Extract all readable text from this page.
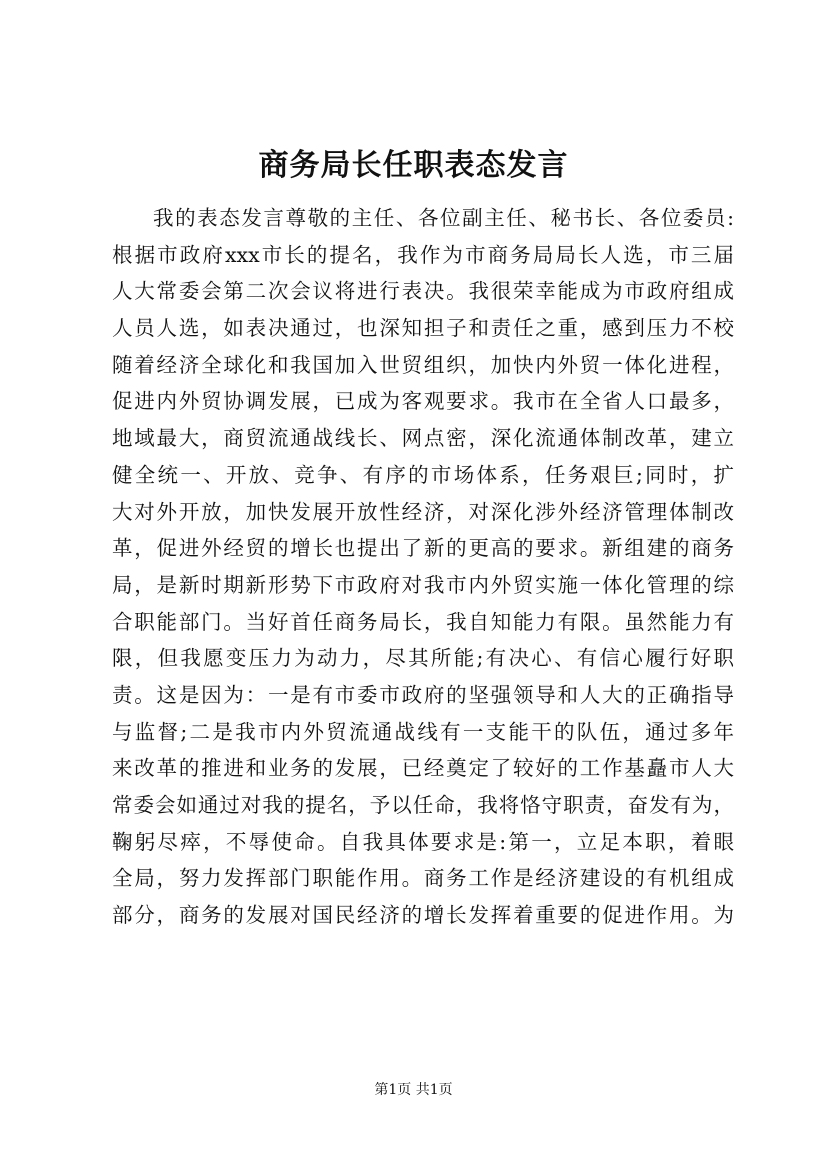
商务局长任职表态发言
我的表态发言尊敬的主任、各位副主任、秘书长、各位委员:
根据市政府xxx市长的提名，我作为市商务局局长人选，市三届
人大常委会第二次会议将进行表决。我很荣幸能成为市政府组成
人员人选，如表决通过，也深知担子和责任之重，感到压力不校
随着经济全球化和我国加入世贸组织，加快内外贸一体化进程，
促进内外贸协调发展，已成为客观要求。我市在全省人口最多，
地域最大，商贸流通战线长、网点密，深化流通体制改革，建立
健全统一、开放、竞争、有序的市场体系，任务艰巨;同时，扩
大对外开放，加快发展开放性经济，对深化涉外经济管理体制改
革，促进外经贸的增长也提出了新的更高的要求。新组建的商务
局，是新时期新形势下市政府对我市内外贸实施一体化管理的综
合职能部门。当好首任商务局长，我自知能力有限。虽然能力有
限，但我愿变压力为动力，尽其所能;有决心、有信心履行好职
责。这是因为：一是有市委市政府的坚强领导和人大的正确指导
与监督;二是我市内外贸流通战线有一支能干的队伍，通过多年
来改革的推进和业务的发展，已经奠定了较好的工作基矗市人大
常委会如通过对我的提名，予以任命，我将恪守职责，奋发有为，
鞠躬尽瘁，不辱使命。自我具体要求是:第一，立足本职，着眼
全局，努力发挥部门职能作用。商务工作是经济建设的有机组成
部分，商务的发展对国民经济的增长发挥着重要的促进作用。为
第1页 共1页
